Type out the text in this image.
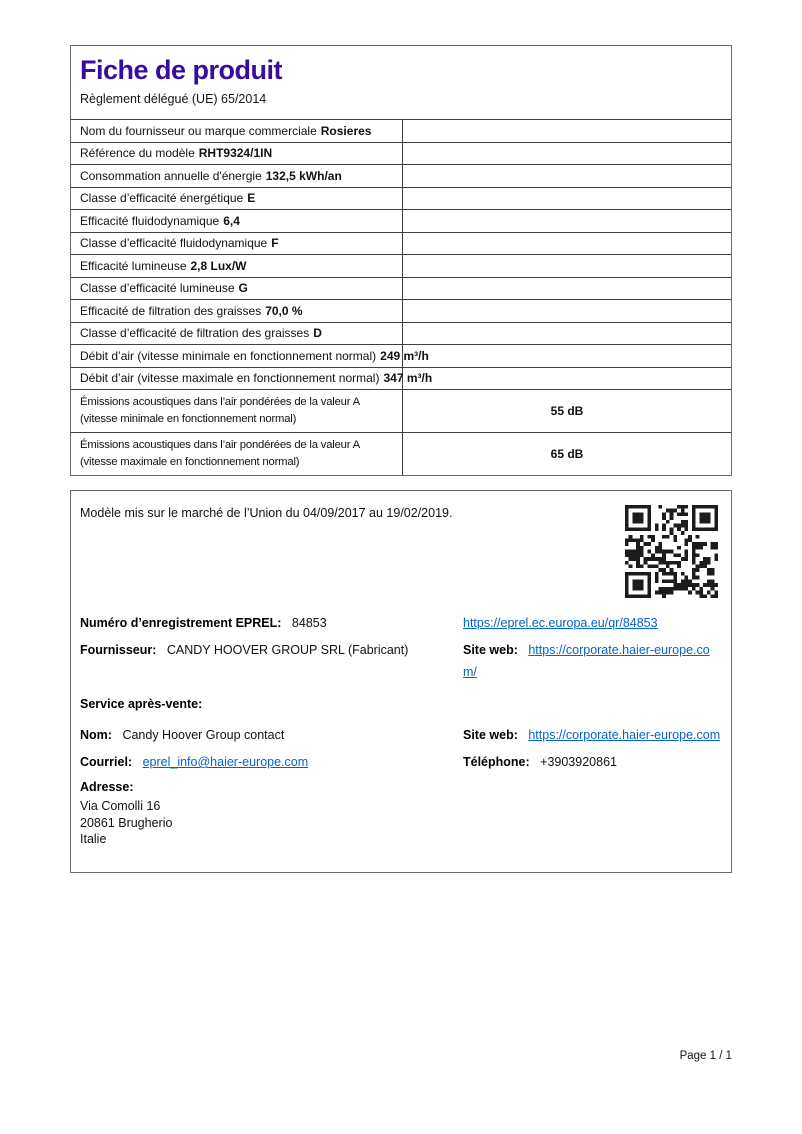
Fiche de produit
Règlement délégué (UE) 65/2014
Nom du fournisseur ou marque commerciale Rosieres
Référence du modèle RHT9324/1IN
Consommation annuelle d'énergie 132,5 kWh/an
Classe d’efficacité énergétique E
Efficacité fluidodynamique 6,4
Classe d’efficacité fluidodynamique F
Efficacité lumineuse 2,8 Lux/W
Classe d’efficacité lumineuse G
Efficacité de filtration des graisses 70,0 %
Classe d’efficacité de filtration des graisses D
Débit d’air (vitesse minimale en fonctionnement normal) 249 m³/h
Débit d’air (vitesse maximale en fonctionnement normal) 347 m³/h
Émissions acoustiques dans l’air pondérées de la valeur A
(vitesse minimale en fonctionnement normal)
55 dB
Émissions acoustiques dans l’air pondérées de la valeur A
(vitesse maximale en fonctionnement normal)
65 dB
Modèle mis sur le marché de l’Union du 04/09/2017 au 19/02/2019.
Numéro d’enregistrement EPREL: 84853	https://eprel.ec.europa.eu/qr/84853
Fournisseur: CANDY HOOVER GROUP SRL (Fabricant)	Site web: https://corporate.haier-europe.com/
Service après-vente:
Nom: Candy Hoover Group contact	Site web: https://corporate.haier-europe.com
Courriel: eprel_info@haier-europe.com	Téléphone: +3903920861
Adresse:
Via Comolli 16
20861 Brugherio
Italie
Page 1 / 1
